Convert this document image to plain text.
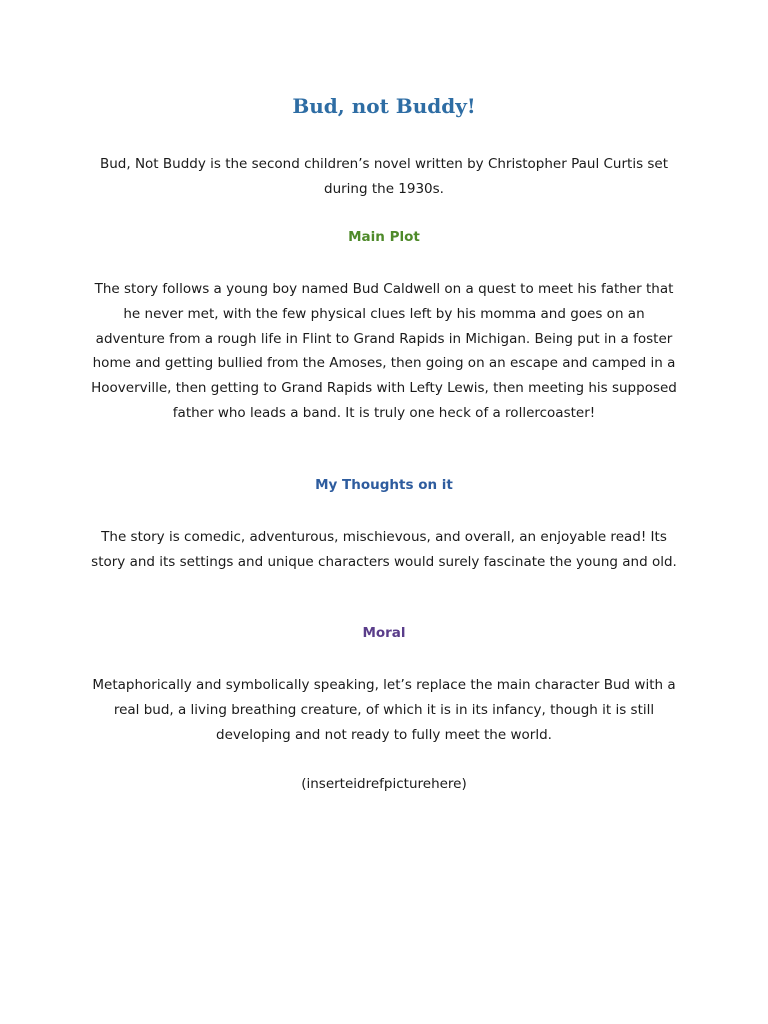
Bud, not Buddy!

Bud, Not Buddy is the second children’s novel written by Christopher Paul Curtis set during the 1930s.

Main Plot

The story follows a young boy named Bud Caldwell on a quest to meet his father that he never met, with the few physical clues left by his momma and goes on an adventure from a rough life in Flint to Grand Rapids in Michigan. Being put in a foster home and getting bullied from the Amoses, then going on an escape and camped in a Hooverville, then getting to Grand Rapids with Lefty Lewis, then meeting his supposed father who leads a band. It is truly one heck of a rollercoaster!

My Thoughts on it

The story is comedic, adventurous, mischievous, and overall, an enjoyable read! Its story and its settings and unique characters would surely fascinate the young and old.

Moral

Metaphorically and symbolically speaking, let’s replace the main character Bud with a real bud, a living breathing creature, of which it is in its infancy, though it is still developing and not ready to fully meet the world.

(inserteidrefpicturehere)
